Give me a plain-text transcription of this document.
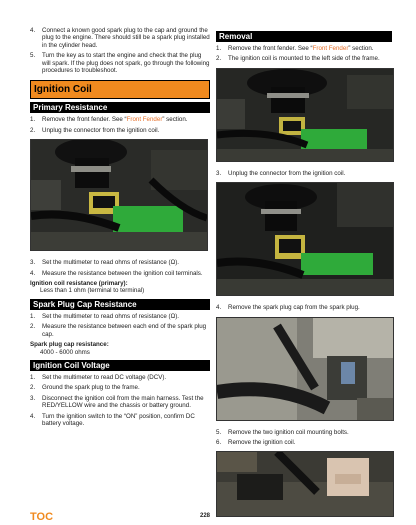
4.	Connect a known good spark plug to the cap and ground the plug to the engine. There should still be a spark plug installed in the cylinder head.
5.	Turn the key as to start the engine and check that the plug will spark. If the plug does not spark, go through the following procedures to troubleshoot.
Ignition Coil
Primary Resistance
1.	Remove the front fender. See “Front Fender” section.
2.	Unplug the connector from the ignition coil.
3.	Set the multimeter to read ohms of resistance (Ω).
4.	Measure the resistance between the ignition coil terminals.
Ignition coil resistance (primary):
Less than 1 ohm (terminal to terminal)
Spark Plug Cap Resistance
1.	Set the multimeter to read ohms of resistance (Ω).
2.	Measure the resistance between each end of the spark plug cap.
Spark plug cap resistance:
4000 - 6000 ohms
Ignition Coil Voltage
1.	Set the multimeter to read DC voltage (DCV).
2.	Ground the spark plug to the frame.
3.	Disconnect the ignition coil from the main harness. Test the RED/YELLOW wire and the chassis or battery ground.
4.	Turn the ignition switch to the “ON” position, confirm DC battery voltage.
Removal
1.	Remove the front fender. See “Front Fender” section.
2.	The ignition coil is mounted to the left side of the frame.
3.	Unplug the connector from the ignition coil.
4.	Remove the spark plug cap from the spark plug.
5.	Remove the two ignition coil mounting bolts.
6.	Remove the ignition coil.
TOC	228
